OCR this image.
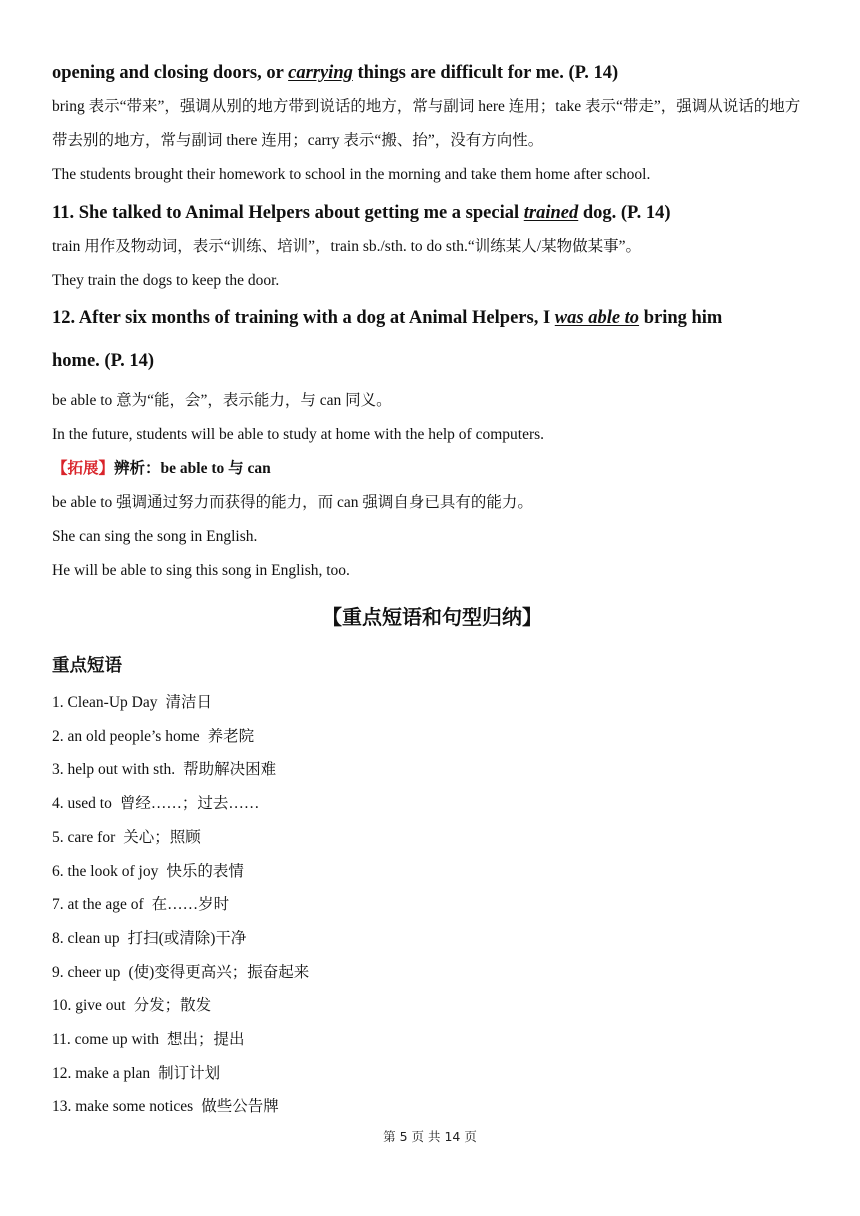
opening and closing doors, or carrying things are difficult for me. (P. 14)

bring 表示“带来”，强调从别的地方带到说话的地方，常与副词 here 连用；take 表示“带走”，强调从说话的地方带去别的地方，常与副词 there 连用；carry 表示“搬、抬”，没有方向性。

The students brought their homework to school in the morning and take them home after school.

11. She talked to Animal Helpers about getting me a special trained dog. (P. 14)

train 用作及物动词，表示“训练、培训”，train sb./sth. to do sth.“训练某人/某物做某事”。

They train the dogs to keep the door.

12. After six months of training with a dog at Animal Helpers, I was able to bring him

home. (P. 14)

be able to 意为“能，会”，表示能力，与 can 同义。

In the future, students will be able to study at home with the help of computers.

【拓展】辨析：be able to 与 can

be able to 强调通过努力而获得的能力，而 can 强调自身已具有的能力。

She can sing the song in English.

He will be able to sing this song in English, too.

【重点短语和句型归纳】

重点短语

1. Clean-Up Day 清洁日

2. an old people’s home 养老院

3. help out with sth. 帮助解决困难

4. used to 曾经……；过去……

5. care for 关心；照顾

6. the look of joy 快乐的表情

7. at the age of 在……岁时

8. clean up 打扫(或清除)干净

9. cheer up (使)变得更高兴；振奋起来

10. give out 分发；散发

11. come up with 想出；提出

12. make a plan 制订计划

13. make some notices 做些公告牌

第 5 页 共 14 页
